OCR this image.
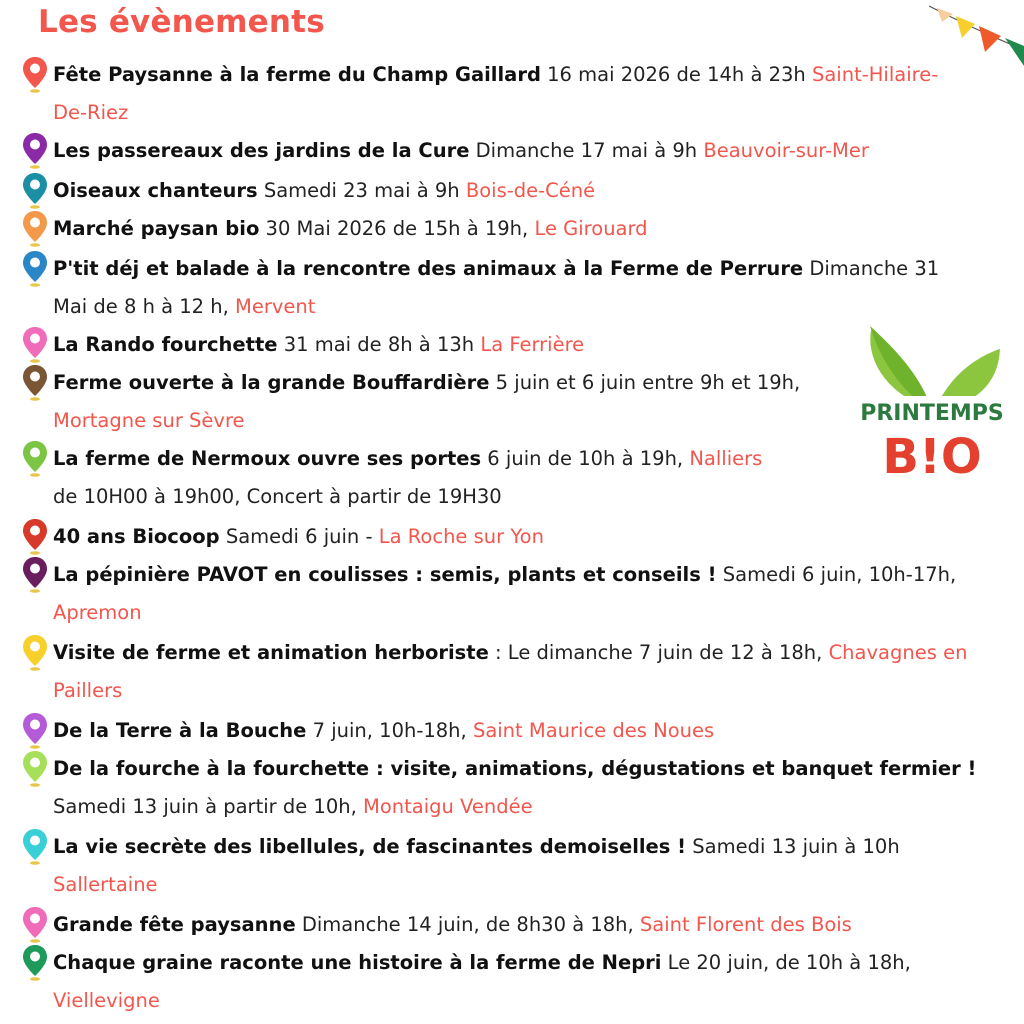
Les évènements
Fête Paysanne à la ferme du Champ Gaillard 16 mai 2026 de 14h à 23h Saint-Hilaire-
De-Riez
Les passereaux des jardins de la Cure Dimanche 17 mai à 9h Beauvoir-sur-Mer
Oiseaux chanteurs Samedi 23 mai à 9h Bois-de-Céné
Marché paysan bio 30 Mai 2026 de 15h à 19h, Le Girouard
P'tit déj et balade à la rencontre des animaux à la Ferme de Perrure Dimanche 31
Mai de 8 h à 12 h, Mervent
La Rando fourchette 31 mai de 8h à 13h La Ferrière
Ferme ouverte à la grande Bouffardière 5 juin et 6 juin entre 9h et 19h,
Mortagne sur Sèvre
La ferme de Nermoux ouvre ses portes 6 juin de 10h à 19h, Nalliers
de 10H00 à 19h00, Concert à partir de 19H30
40 ans Biocoop Samedi 6 juin - La Roche sur Yon
La pépinière PAVOT en coulisses : semis, plants et conseils ! Samedi 6 juin, 10h-17h,
Apremon
Visite de ferme et animation herboriste : Le dimanche 7 juin de 12 à 18h, Chavagnes en
Paillers
De la Terre à la Bouche 7 juin, 10h-18h, Saint Maurice des Noues
De la fourche à la fourchette : visite, animations, dégustations et banquet fermier !
Samedi 13 juin à partir de 10h, Montaigu Vendée
La vie secrète des libellules, de fascinantes demoiselles ! Samedi 13 juin à 10h
Sallertaine
Grande fête paysanne Dimanche 14 juin, de 8h30 à 18h, Saint Florent des Bois
Chaque graine raconte une histoire à la ferme de Nepri Le 20 juin, de 10h à 18h,
Viellevigne
PRINTEMPS
B!O
